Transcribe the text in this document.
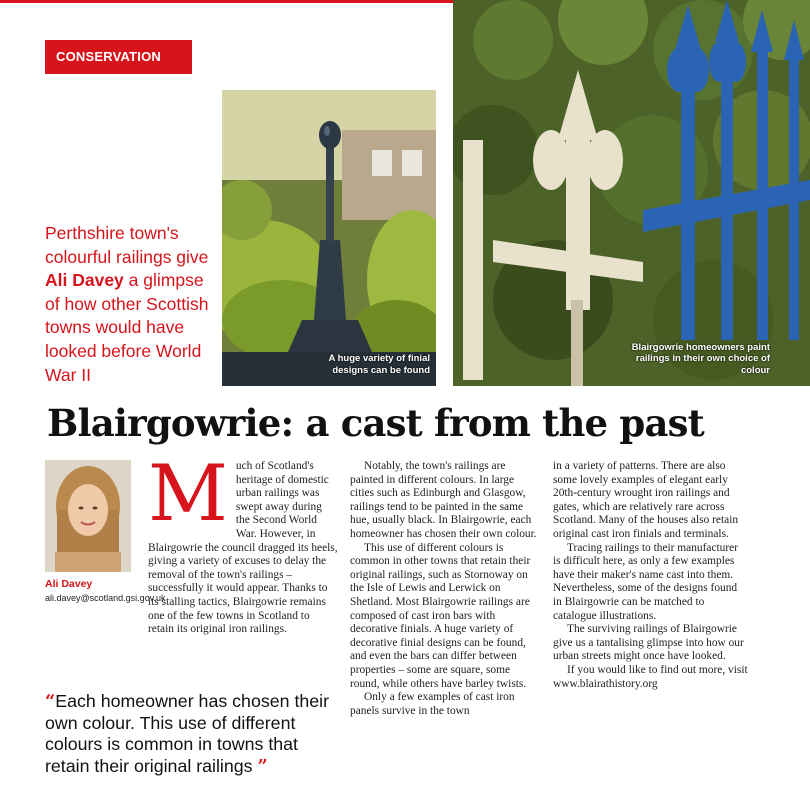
CONSERVATION
Perthshire town's colourful railings give Ali Davey a glimpse of how other Scottish towns would have looked before World War II
A huge variety of finial designs can be found
Blairgowrie homeowners paint railings in their own choice of colour
Blairgowrie: a cast from the past
Ali Davey
ali.davey@scotland.gsi.gov.uk

Much of Scotland's heritage of domestic urban railings was swept away during the Second World War. However, in Blairgowrie the council dragged its heels, giving a variety of excuses to delay the removal of the town's railings – successfully it would appear. Thanks to its stalling tactics, Blairgowrie remains one of the few towns in Scotland to retain its original iron railings.

Notably, the town's railings are painted in different colours. In large cities such as Edinburgh and Glasgow, railings tend to be painted in the same hue, usually black. In Blairgowrie, each homeowner has chosen their own colour.

This use of different colours is common in other towns that retain their original railings, such as Stornoway on the Isle of Lewis and Lerwick on Shetland. Most Blairgowrie railings are composed of cast iron bars with decorative finials. A huge variety of decorative finial designs can be found, and even the bars can differ between properties – some are square, some round, while others have barley twists.

Only a few examples of cast iron panels survive in the town

in a variety of patterns. There are also some lovely examples of elegant early 20th-century wrought iron railings and gates, which are relatively rare across Scotland. Many of the houses also retain original cast iron finials and terminals.

Tracing railings to their manufacturer is difficult here, as only a few examples have their maker's name cast into them. Nevertheless, some of the designs found in Blairgowrie can be matched to catalogue illustrations.

The surviving railings of Blairgowrie give us a tantalising glimpse into how our urban streets might once have looked.

If you would like to find out more, visit www.blairathistory.org

“Each homeowner has chosen their own colour. This use of different colours is common in towns that retain their original railings ”
